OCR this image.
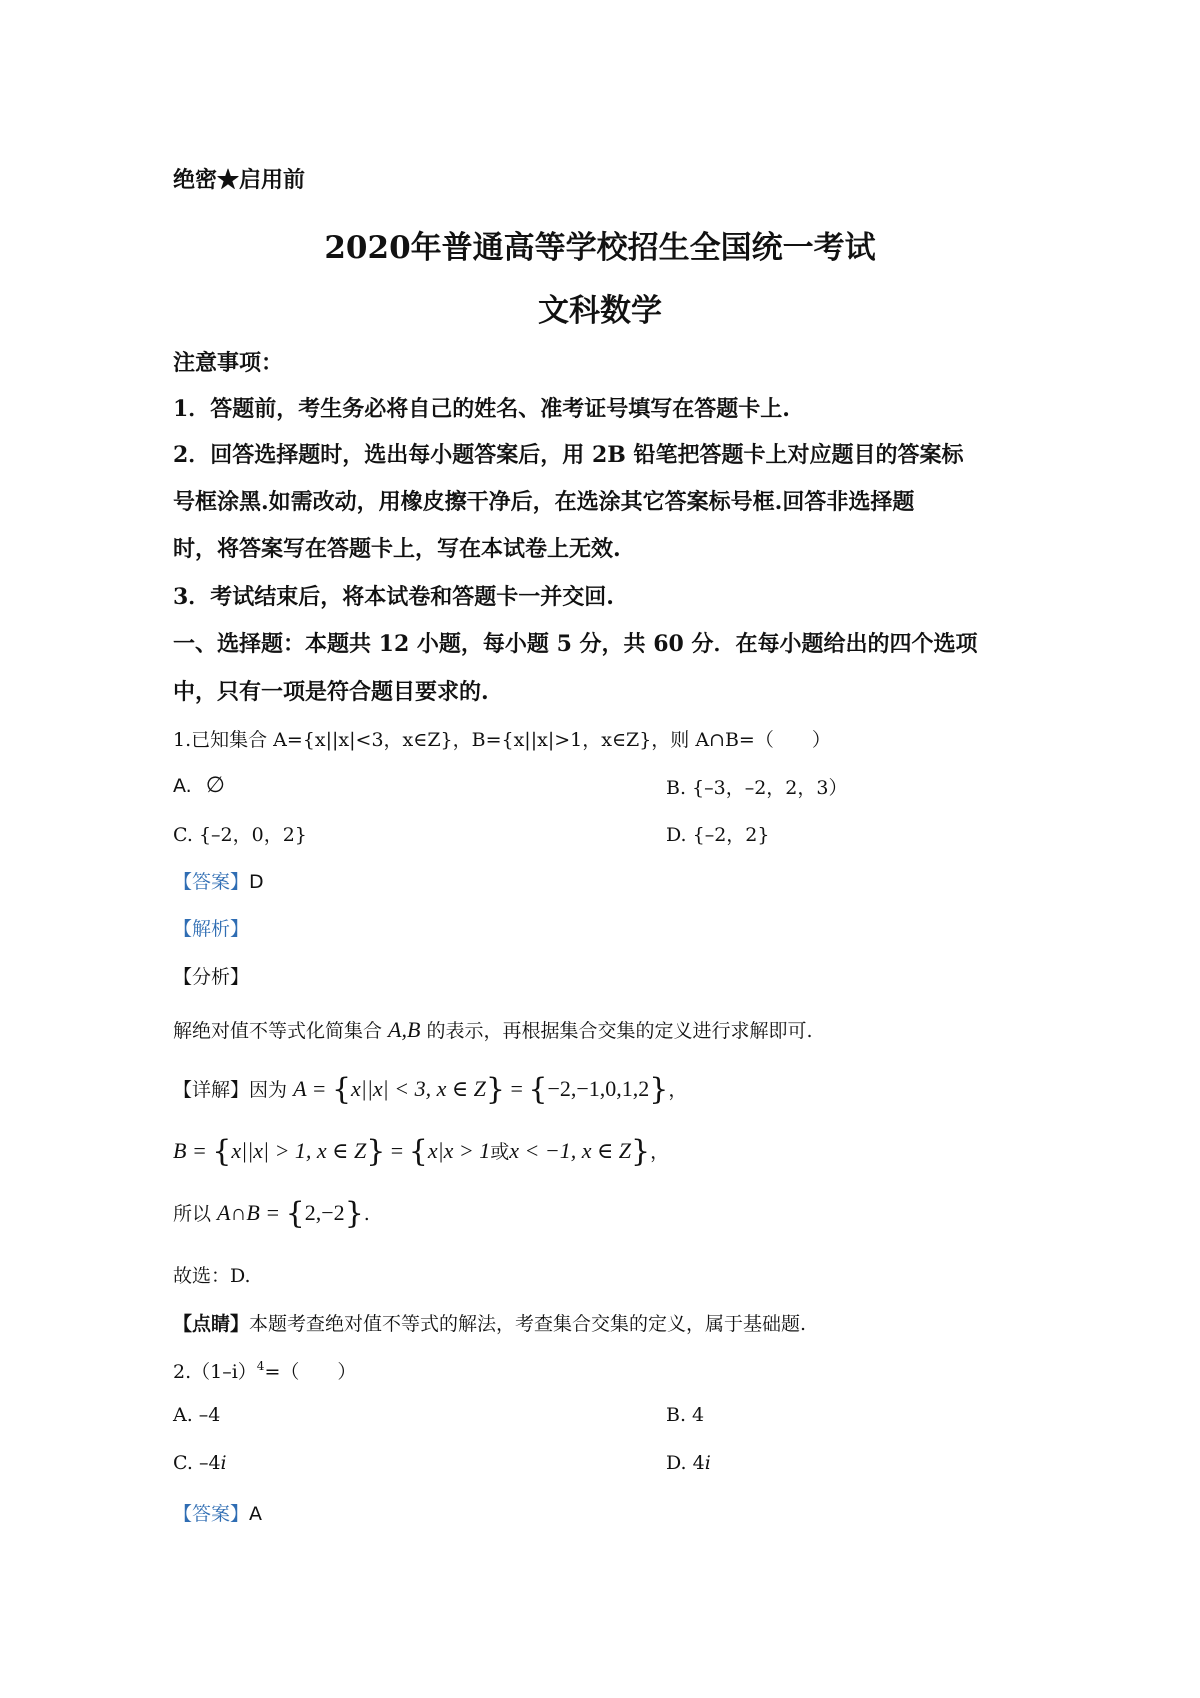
绝密★启用前
2020年普通高等学校招生全国统一考试
文科数学
注意事项：
1．答题前，考生务必将自己的姓名、准考证号填写在答题卡上.
2．回答选择题时，选出每小题答案后，用 2B 铅笔把答题卡上对应题目的答案标
号框涂黑.如需改动，用橡皮擦干净后，在选涂其它答案标号框.回答非选择题
时，将答案写在答题卡上，写在本试卷上无效.
3．考试结束后，将本试卷和答题卡一并交回.
一、选择题：本题共 12 小题，每小题 5 分，共 60 分．在每小题给出的四个选项
中，只有一项是符合题目要求的.
1.已知集合 A={x||x|<3，x∈Z}，B={x||x|>1，x∈Z}，则 A∩B=（　　）
A. ∅	B. {–3，–2，2，3）
C. {–2，0，2}	D. {–2，2}
【答案】D
【解析】
【分析】
解绝对值不等式化简集合 A,B 的表示，再根据集合交集的定义进行求解即可.
【详解】因为 A = {x||x| < 3, x ∈ Z} = {−2,−1,0,1,2}，
B = {x||x| > 1, x ∈ Z} = {x|x > 1或x < −1, x ∈ Z}，
所以 A∩B = {2,−2}.
故选：D.
【点睛】本题考查绝对值不等式的解法，考查集合交集的定义，属于基础题.
$2.(1-i)^4=$（　　）
A. –4	B. 4
C. –4i	D. 4i
【答案】A
